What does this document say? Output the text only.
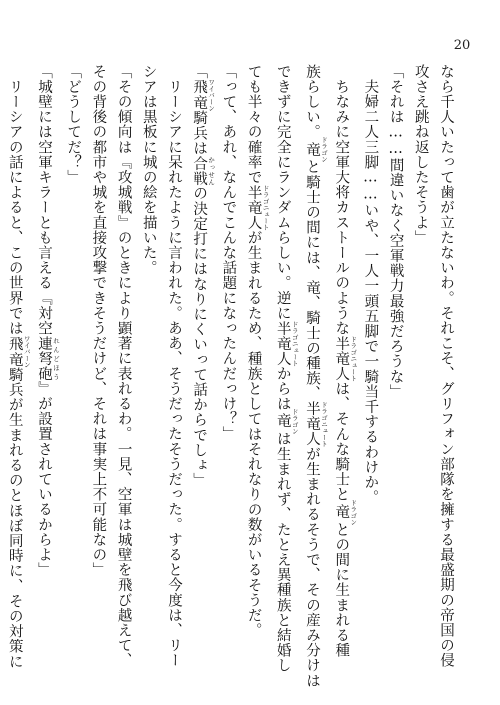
20
なら千人いたって歯が立たないわ。それこそ、グリフォン部隊を擁する最盛期の帝国の侵
攻さえ跳ね返したそうよ」
「それは……間違いなく空軍戦力最強だろうな」
　夫婦二人三脚……いや、一人一頭五脚で一騎当千するわけか。
　ちなみに空軍大将カストールのような半竜人 ドラゴニュートは、そんな騎士と竜 ドラゴンとの間に生まれる種
族らしい。竜 ドラゴンと騎士の間には、竜、騎士の種族、半竜人 ドラゴニュートが生まれるそうで、その産み分けは
できずに完全にランダムらしい。逆に半竜人 ドラゴニュートからは竜 ドラゴンは生まれず、たとえ異種族と結婚し
ても半々の確率で半竜人 ドラゴニュートが生まれるため、種族としてはそれなりの数がいるそうだ。
「って、あれ、なんでこんな話題になったんだっけ？」
「飛竜 ワイバーン騎兵は合戦 かっせんの決定打にはなりにくいって話からでしょ」
　リーシアに呆れたように言われた。ああ、そうだったそうだった。すると今度は、リー
シアは黒板に城の絵を描いた。
「その傾向は『攻城戦』のときにより顕著に表れるわ。一見、空軍は城壁を飛び越えて、
その背後の都市や城を直接攻撃できそうだけど、それは事実上不可能なの」
「どうしてだ？」
「城壁には空軍キラーとも言える『対空連弩砲 れんどほう』が設置されているからよ」
　リーシアの話によると、この世界では飛竜 ワイバーン騎兵が生まれるのとほぼ同時に、その対策に
